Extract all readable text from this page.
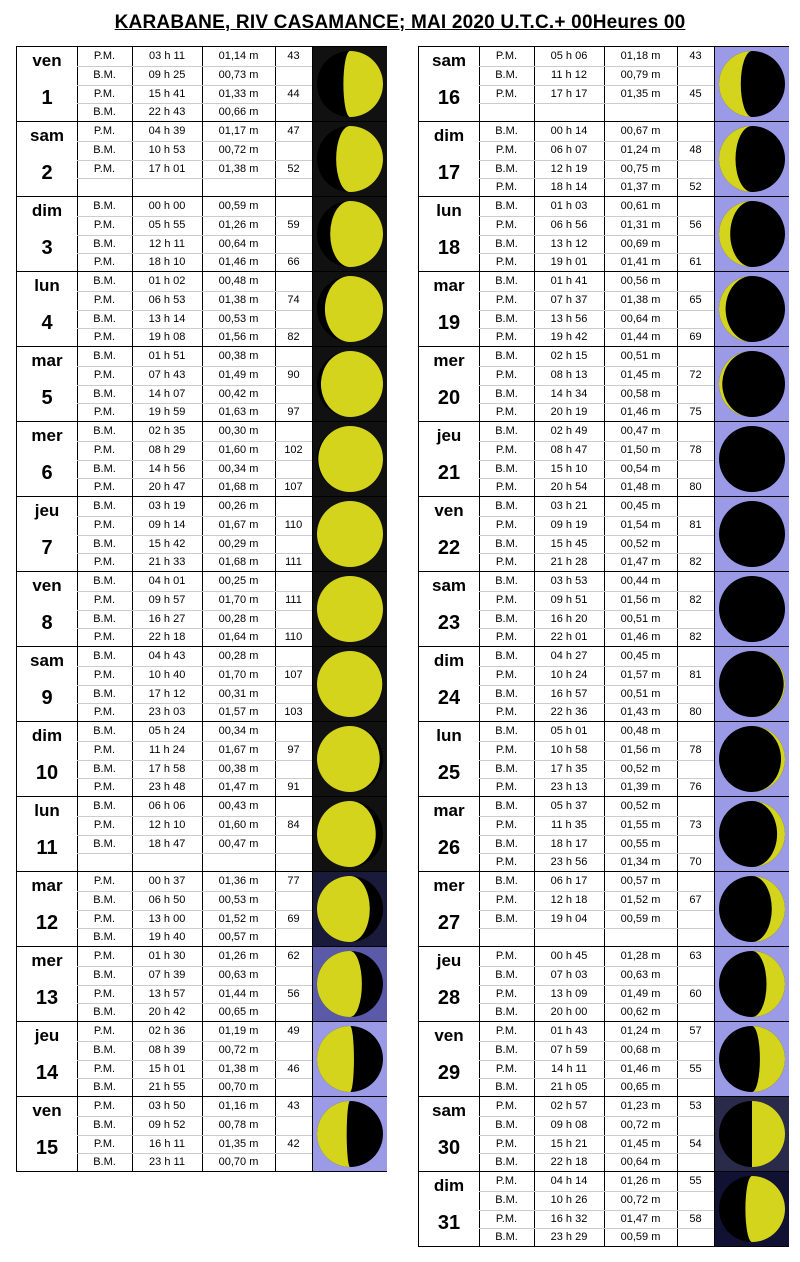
KARABANE, RIV CASAMANCE; MAI 2020 U.T.C.+ 00Heures 00
ven
1
P.M.	03 h 11	01,14 m	43
B.M.	09 h 25	00,73 m
P.M.	15 h 41	01,33 m	44
B.M.	22 h 43	00,66 m
sam
2
P.M.	04 h 39	01,17 m	47
B.M.	10 h 53	00,72 m
P.M.	17 h 01	01,38 m	52
dim
3
B.M.	00 h 00	00,59 m
P.M.	05 h 55	01,26 m	59
B.M.	12 h 11	00,64 m
P.M.	18 h 10	01,46 m	66
lun
4
B.M.	01 h 02	00,48 m
P.M.	06 h 53	01,38 m	74
B.M.	13 h 14	00,53 m
P.M.	19 h 08	01,56 m	82
mar
5
B.M.	01 h 51	00,38 m
P.M.	07 h 43	01,49 m	90
B.M.	14 h 07	00,42 m
P.M.	19 h 59	01,63 m	97
mer
6
B.M.	02 h 35	00,30 m
P.M.	08 h 29	01,60 m	102
B.M.	14 h 56	00,34 m
P.M.	20 h 47	01,68 m	107
jeu
7
B.M.	03 h 19	00,26 m
P.M.	09 h 14	01,67 m	110
B.M.	15 h 42	00,29 m
P.M.	21 h 33	01,68 m	111
ven
8
B.M.	04 h 01	00,25 m
P.M.	09 h 57	01,70 m	111
B.M.	16 h 27	00,28 m
P.M.	22 h 18	01,64 m	110
sam
9
B.M.	04 h 43	00,28 m
P.M.	10 h 40	01,70 m	107
B.M.	17 h 12	00,31 m
P.M.	23 h 03	01,57 m	103
dim
10
B.M.	05 h 24	00,34 m
P.M.	11 h 24	01,67 m	97
B.M.	17 h 58	00,38 m
P.M.	23 h 48	01,47 m	91
lun
11
B.M.	06 h 06	00,43 m
P.M.	12 h 10	01,60 m	84
B.M.	18 h 47	00,47 m
mar
12
P.M.	00 h 37	01,36 m	77
B.M.	06 h 50	00,53 m
P.M.	13 h 00	01,52 m	69
B.M.	19 h 40	00,57 m
mer
13
P.M.	01 h 30	01,26 m	62
B.M.	07 h 39	00,63 m
P.M.	13 h 57	01,44 m	56
B.M.	20 h 42	00,65 m
jeu
14
P.M.	02 h 36	01,19 m	49
B.M.	08 h 39	00,72 m
P.M.	15 h 01	01,38 m	46
B.M.	21 h 55	00,70 m
ven
15
P.M.	03 h 50	01,16 m	43
B.M.	09 h 52	00,78 m
P.M.	16 h 11	01,35 m	42
B.M.	23 h 11	00,70 m
sam
16
P.M.	05 h 06	01,18 m	43
B.M.	11 h 12	00,79 m
P.M.	17 h 17	01,35 m	45
dim
17
B.M.	00 h 14	00,67 m
P.M.	06 h 07	01,24 m	48
B.M.	12 h 19	00,75 m
P.M.	18 h 14	01,37 m	52
lun
18
B.M.	01 h 03	00,61 m
P.M.	06 h 56	01,31 m	56
B.M.	13 h 12	00,69 m
P.M.	19 h 01	01,41 m	61
mar
19
B.M.	01 h 41	00,56 m
P.M.	07 h 37	01,38 m	65
B.M.	13 h 56	00,64 m
P.M.	19 h 42	01,44 m	69
mer
20
B.M.	02 h 15	00,51 m
P.M.	08 h 13	01,45 m	72
B.M.	14 h 34	00,58 m
P.M.	20 h 19	01,46 m	75
jeu
21
B.M.	02 h 49	00,47 m
P.M.	08 h 47	01,50 m	78
B.M.	15 h 10	00,54 m
P.M.	20 h 54	01,48 m	80
ven
22
B.M.	03 h 21	00,45 m
P.M.	09 h 19	01,54 m	81
B.M.	15 h 45	00,52 m
P.M.	21 h 28	01,47 m	82
sam
23
B.M.	03 h 53	00,44 m
P.M.	09 h 51	01,56 m	82
B.M.	16 h 20	00,51 m
P.M.	22 h 01	01,46 m	82
dim
24
B.M.	04 h 27	00,45 m
P.M.	10 h 24	01,57 m	81
B.M.	16 h 57	00,51 m
P.M.	22 h 36	01,43 m	80
lun
25
B.M.	05 h 01	00,48 m
P.M.	10 h 58	01,56 m	78
B.M.	17 h 35	00,52 m
P.M.	23 h 13	01,39 m	76
mar
26
B.M.	05 h 37	00,52 m
P.M.	11 h 35	01,55 m	73
B.M.	18 h 17	00,55 m
P.M.	23 h 56	01,34 m	70
mer
27
B.M.	06 h 17	00,57 m
P.M.	12 h 18	01,52 m	67
B.M.	19 h 04	00,59 m
jeu
28
P.M.	00 h 45	01,28 m	63
B.M.	07 h 03	00,63 m
P.M.	13 h 09	01,49 m	60
B.M.	20 h 00	00,62 m
ven
29
P.M.	01 h 43	01,24 m	57
B.M.	07 h 59	00,68 m
P.M.	14 h 11	01,46 m	55
B.M.	21 h 05	00,65 m
sam
30
P.M.	02 h 57	01,23 m	53
B.M.	09 h 08	00,72 m
P.M.	15 h 21	01,45 m	54
B.M.	22 h 18	00,64 m
dim
31
P.M.	04 h 14	01,26 m	55
B.M.	10 h 26	00,72 m
P.M.	16 h 32	01,47 m	58
B.M.	23 h 29	00,59 m
